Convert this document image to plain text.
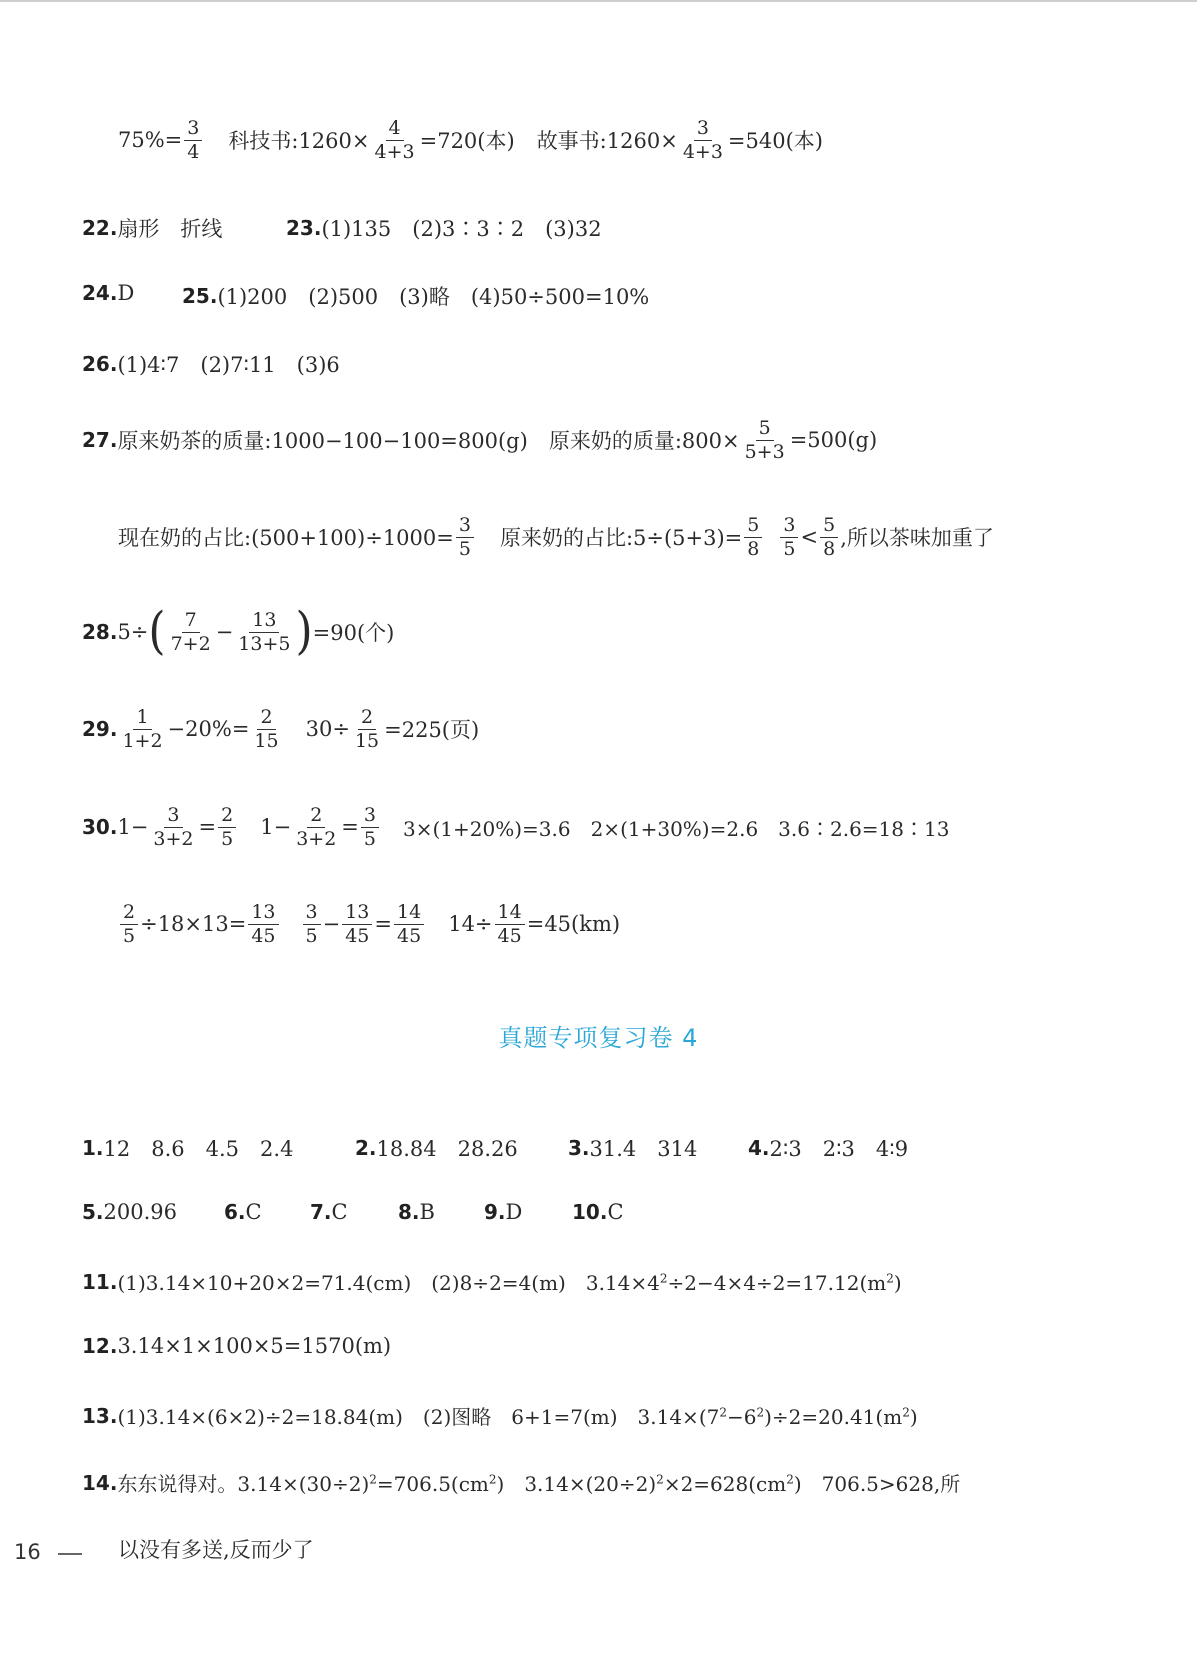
$75\%= \frac{3}{4}$ 科技书:1260× $\frac{4}{4+3} =720$(本) 故事书:1260× $\frac{3}{4+3} =540$(本)
22. 扇形　折线	23. (1)135　(2)3∶3∶2　(3)32
24. D 25. (1)200　(2)500　(3)略　(4)50÷500=10%
26. (1)4∶7　(2)7∶11　(3)6
27. 原来奶茶的质量:1000−100−100=800(g)　原来奶的质量:800× $\frac{5}{5+3} =500(g)$
现在奶的占比:(500+100)÷1000= $\frac{3}{5}$ 原来奶的占比:5÷(5+3)= $\frac{5}{8} \frac{3}{5} < \frac{5}{8}$ ,所以茶味加重了
28. 5÷ ( $\frac{7}{7+2} - \frac{13}{13+5}$ ) =90(个)
29. $\frac{1}{1+2} -20\%= \frac{2}{15} 30\div \frac{2}{15} =225$(页)
30. $1- \frac{3}{3+2} = \frac{2}{5} 1- \frac{2}{3+2} = \frac{3}{5} 3\times(1+20\%)=3.6$　2×(1+30%)=2.6　3.6∶2.6=18∶13
$\frac{2}{5} \div 18\times 13= \frac{13}{45} \frac{3}{5} - \frac{13}{45} = \frac{14}{45} 14\div \frac{14}{45} =45(km)$
真题专项复习卷 4
1. 12　8.6　4.5　2.4	2. 18.84　28.26	3. 31.4　314	4. 2∶3　2∶3　4∶9
5. 200.96 6. C 7. C	8. B 9. D 10. C
11. (1)3.14×10+20×2=71.4(cm)　(2)8÷2=4(m)　$3.14\times 4^2\div 2-4\times 4\div 2=17.12(m^2)$
12. 3.14×1×100×5=1570(m)
13. (1)3.14×(6×2)÷2=18.84(m)　(2)图略　6+1=7(m)　$3.14\times(7^2-6^2)\div 2=20.41(m^2)$
14. 东东说得对。$3.14\times(30\div 2)^2=706.5(cm^2)$　$3.14\times(20\div 2)^2\times 2=628(cm^2)$　706.5>628,所
以没有多送,反而少了
16
